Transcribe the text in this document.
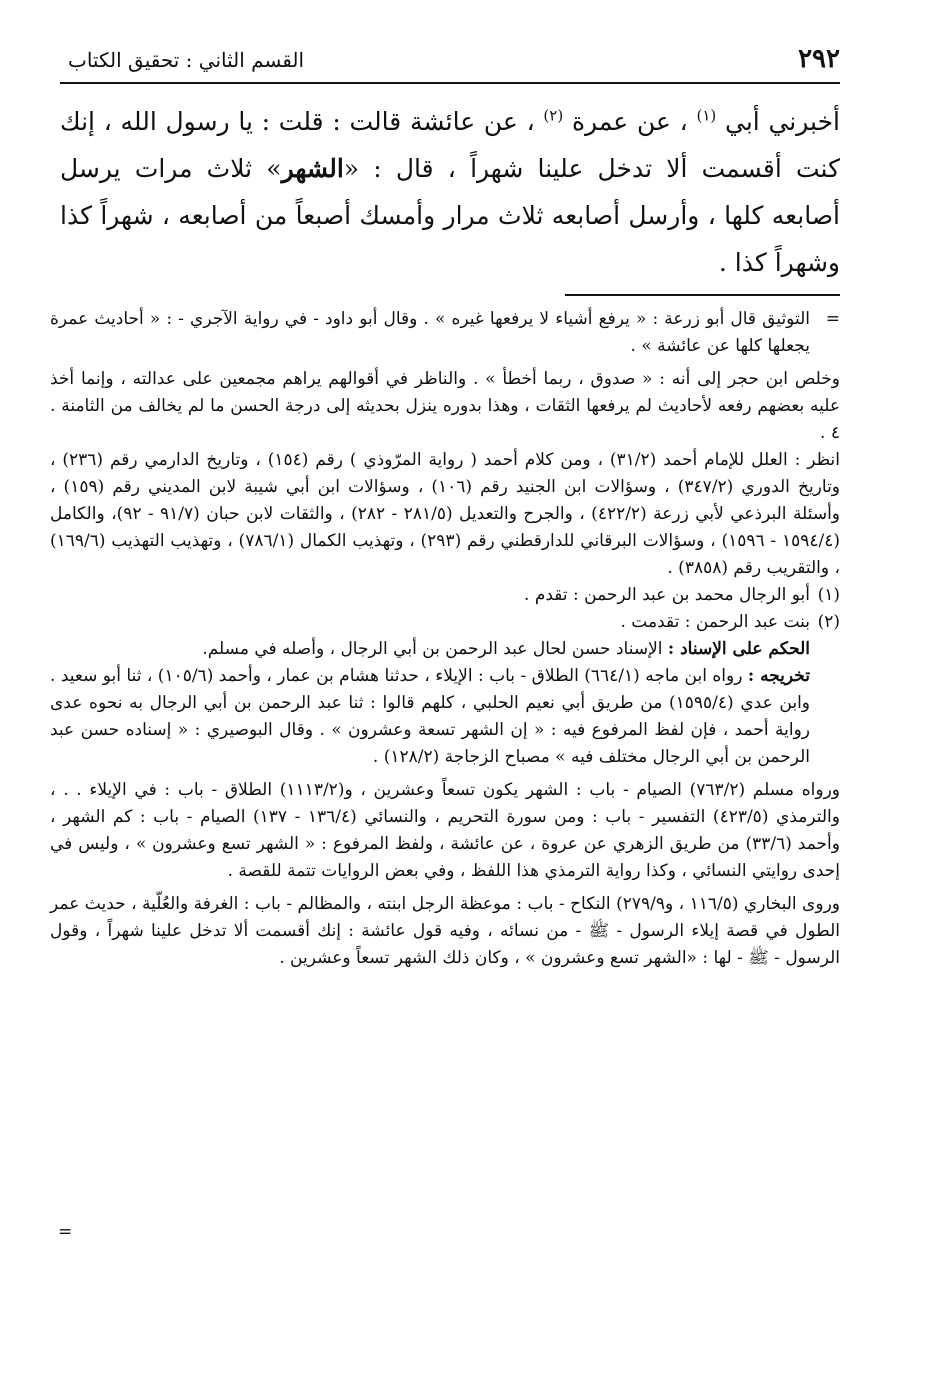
٢٩٢
القسم الثاني : تحقيق الكتاب
أخبرني أبي $^{(١)}$ ، عن عمرة $^{(٢)}$ ، عن عائشة قالت : قلت : يا رسول الله ، إنك كنت أقسمت ألا تدخل علينا شهراً ، قال : «الشهر» ثلاث مرات يرسل أصابعه كلها ، وأرسل أصابعه ثلاث مرار وأمسك أصبعاً من أصابعه ، شهراً كذا وشهراً كذا .

=التوثيق قال أبو زرعة : « يرفع أشياء لا يرفعها غيره » . وقال أبو داود - في رواية الآجري - : « أحاديث عمرة يجعلها كلها عن عائشة » .

وخلص ابن حجر إلى أنه : « صدوق ، ربما أخطأ » . والناظر في أقوالهم يراهم مجمعين على عدالته ، وإنما أخذ عليه بعضهم رفعه لأحاديث لم يرفعها الثقات ، وهذا بدوره ينزل بحديثه إلى درجة الحسن ما لم يخالف من الثامنة . ٤ .

انظر : العلل للإمام أحمد (٣١/٢) ، ومن كلام أحمد ( رواية المرّوذي ) رقم (١٥٤) ، وتاريخ الدارمي رقم (٢٣٦) ، وتاريخ الدوري (٣٤٧/٢) ، وسؤالات ابن الجنيد رقم (١٠٦) ، وسؤالات ابن أبي شيبة لابن المديني رقم (١٥٩) ، وأسئلة البرذعي لأبي زرعة (٤٢٢/٢) ، والجرح والتعديل (٢٨١/٥ - ٢٨٢) ، والثقات لابن حبان (٩١/٧ - ٩٢)، والكامل (١٥٩٤/٤ - ١٥٩٦) ، وسؤالات البرقاني للدارقطني رقم (٢٩٣) ، وتهذيب الكمال (٧٨٦/١) ، وتهذيب التهذيب (١٦٩/٦) ، والتقريب رقم (٣٨٥٨) .

(١)أبو الرجال محمد بن عبد الرحمن : تقدم .

(٢)بنت عبد الرحمن : تقدمت .

الحكم على الإسناد : الإسناد حسن لحال عبد الرحمن بن أبي الرجال ، وأصله في مسلم.

تخريجه : رواه ابن ماجه (٦٦٤/١) الطلاق - باب : الإيلاء ، حدثنا هشام بن عمار ، وأحمد (١٠٥/٦) ، ثنا أبو سعيد . وابن عدي (١٥٩٥/٤) من طريق أبي نعيم الحلبي ، كلهم قالوا : ثنا عبد الرحمن بن أبي الرجال به نحوه عدى رواية أحمد ، فإن لفظ المرفوع فيه : « إن الشهر تسعة وعشرون » . وقال البوصيري : « إسناده حسن عبد الرحمن بن أبي الرجال مختلف فيه » مصباح الزجاجة (١٢٨/٢) .

ورواه مسلم (٧٦٣/٢) الصيام - باب : الشهر يكون تسعاً وعشرين ، و(١١١٣/٢) الطلاق - باب : في الإيلاء . . ، والترمذي (٤٢٣/٥) التفسير - باب : ومن سورة التحريم ، والنسائي (١٣٦/٤ - ١٣٧) الصيام - باب : كم الشهر ، وأحمد (٣٣/٦) من طريق الزهري عن عروة ، عن عائشة ، ولفظ المرفوع : « الشهر تسع وعشرون » ، وليس في إحدى روايتي النسائي ، وكذا رواية الترمذي هذا اللفظ ، وفي بعض الروايات تتمة للقصة .

وروى البخاري (١١٦/٥ ، و٢٧٩/٩) النكاح - باب : موعظة الرجل ابنته ، والمظالم - باب : الغرفة والعُلّية ، حديث عمر الطول في قصة إيلاء الرسول - ﷺ - من نسائه ، وفيه قول عائشة : إنك أقسمت ألا تدخل علينا شهراً ، وقول الرسول - ﷺ - لها : «الشهر تسع وعشرون » ، وكان ذلك الشهر تسعاً وعشرين .

=
